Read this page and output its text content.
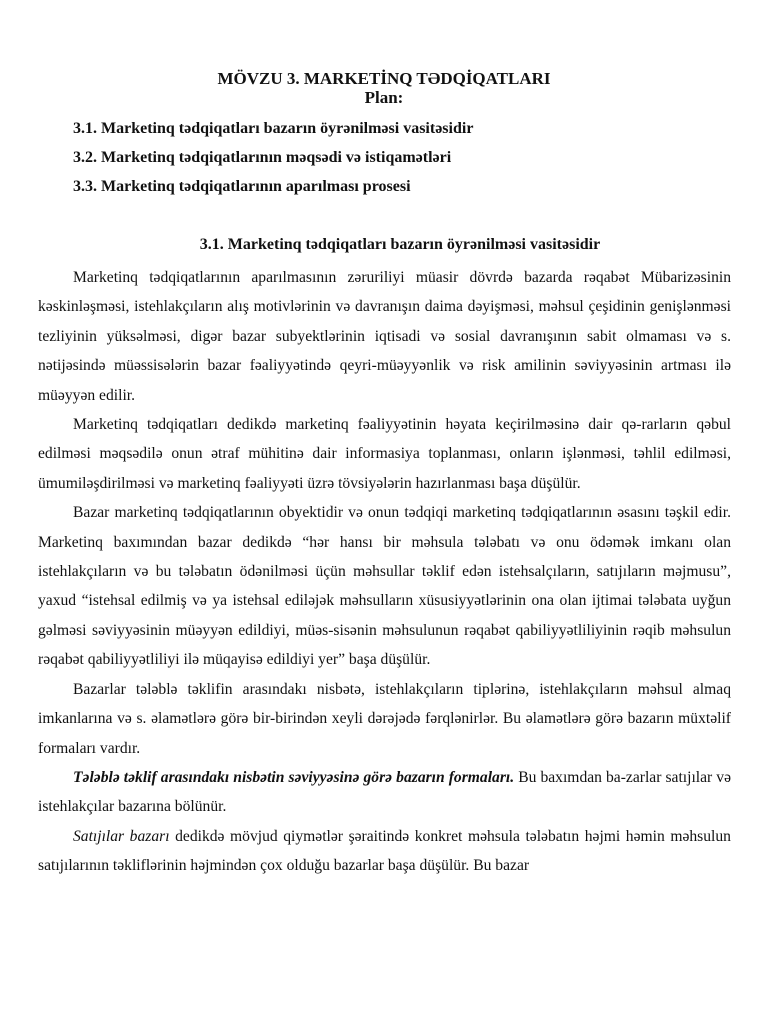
MÖVZU 3. MARKETİNQ TƏDQİQATLARI
Plan:
3.1. Marketinq tədqiqatları bazarın öyrənilməsi vasitəsidir
3.2. Marketinq tədqiqatlarının məqsədi və istiqamətləri
3.3. Marketinq tədqiqatlarının aparılması prosesi
3.1. Marketinq tədqiqatları bazarın öyrənilməsi vasitəsidir

Marketinq tədqiqatlarının aparılmasının zəruriliyi müasir dövrdə bazarda rəqabət Mübarizəsinin kəskinləşməsi, istehlakçıların alış motivlərinin və davranışın daima dəyişməsi, məhsul çeşidinin genişlənməsi tezliyinin yüksəlməsi, digər bazar subyektlərinin iqtisadi və sosial davranışının sabit olmaması və s. nətijəsində müəssisələrin bazar fəaliyyətində qeyri-müəyyənlik və risk amilinin səviyyəsinin artması ilə müəyyən edilir.

Marketinq tədqiqatları dedikdə marketinq fəaliyyətinin həyata keçirilməsinə dair qə-rarların qəbul edilməsi məqsədilə onun ətraf mühitinə dair informasiya toplanması, onların işlənməsi, təhlil edilməsi, ümumiləşdirilməsi və marketinq fəaliyyəti üzrə tövsiyələrin hazırlanması başa düşülür.

Bazar marketinq tədqiqatlarının obyektidir və onun tədqiqi marketinq tədqiqatlarının əsasını təşkil edir. Marketinq baxımından bazar dedikdə “hər hansı bir məhsula tələbatı və onu ödəmək imkanı olan istehlakçıların və bu tələbatın ödənilməsi üçün məhsullar təklif edən istehsalçıların, satıjıların məjmusu”, yaxud “istehsal edilmiş və ya istehsal ediləjək məhsulların xüsusiyyətlərinin ona olan ijtimai tələbata uyğun gəlməsi səviyyəsinin müəyyən edildiyi, müəs-sisənin məhsulunun rəqabət qabiliyyətliliyinin rəqib məhsulun rəqabət qabiliyyətliliyi ilə müqayisə edildiyi yer” başa düşülür.

Bazarlar tələblə təklifin arasındakı nisbətə, istehlakçıların tiplərinə, istehlakçıların məhsul almaq imkanlarına və s. əlamətlərə görə bir-birindən xeyli dərəjədə fərqlənirlər. Bu əlamətlərə görə bazarın müxtəlif formaları vardır.

Tələblə təklif arasındakı nisbətin səviyyəsinə görə bazarın formaları. Bu baxımdan ba-zarlar satıjılar və istehlakçılar bazarına bölünür.

Satıjılar bazarı dedikdə mövjud qiymətlər şəraitində konkret məhsula tələbatın həjmi həmin məhsulun satıjılarının təkliflərinin həjmindən çox olduğu bazarlar başa düşülür. Bu bazar
